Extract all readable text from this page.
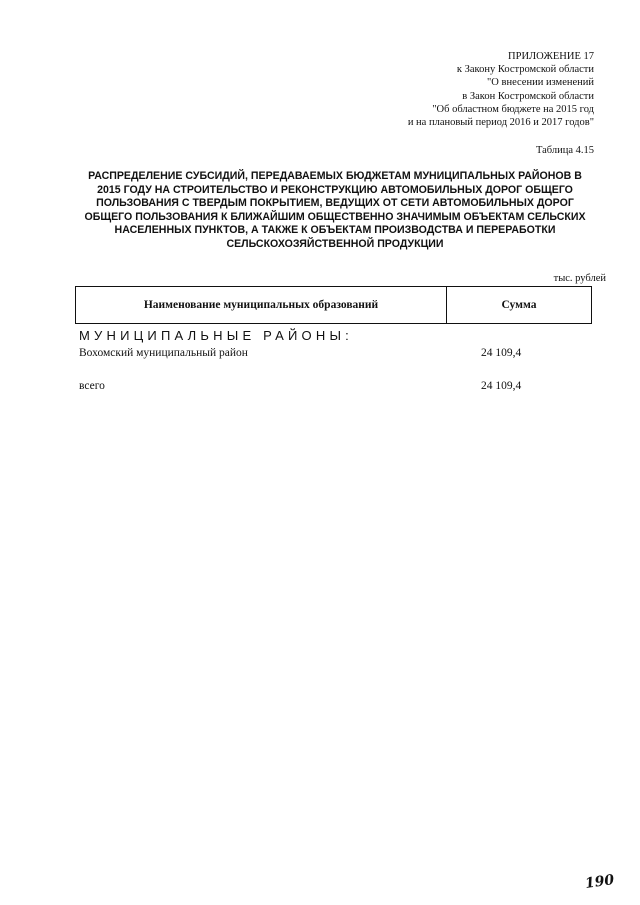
ПРИЛОЖЕНИЕ 17
к Закону Костромской области
"О внесении изменений
в Закон Костромской области
"Об областном бюджете на 2015 год
и на плановый период 2016 и 2017 годов"
Таблица 4.15
РАСПРЕДЕЛЕНИЕ СУБСИДИЙ, ПЕРЕДАВАЕМЫХ БЮДЖЕТАМ МУНИЦИПАЛЬНЫХ РАЙОНОВ В
2015 ГОДУ НА СТРОИТЕЛЬСТВО И РЕКОНСТРУКЦИЮ АВТОМОБИЛЬНЫХ ДОРОГ ОБЩЕГО
ПОЛЬЗОВАНИЯ С ТВЕРДЫМ ПОКРЫТИЕМ, ВЕДУЩИХ ОТ СЕТИ АВТОМОБИЛЬНЫХ ДОРОГ
ОБЩЕГО ПОЛЬЗОВАНИЯ К БЛИЖАЙШИМ ОБЩЕСТВЕННО ЗНАЧИМЫМ ОБЪЕКТАМ СЕЛЬСКИХ
НАСЕЛЕННЫХ ПУНКТОВ, А ТАКЖЕ К ОБЪЕКТАМ ПРОИЗВОДСТВА И ПЕРЕРАБОТКИ
СЕЛЬСКОХОЗЯЙСТВЕННОЙ ПРОДУКЦИИ
тыс. рублей
Наименование муниципальных образований	Сумма
МУНИЦИПАЛЬНЫЕ РАЙОНЫ:
Вохомский муниципальный район	24 109,4
всего	24 109,4
190
